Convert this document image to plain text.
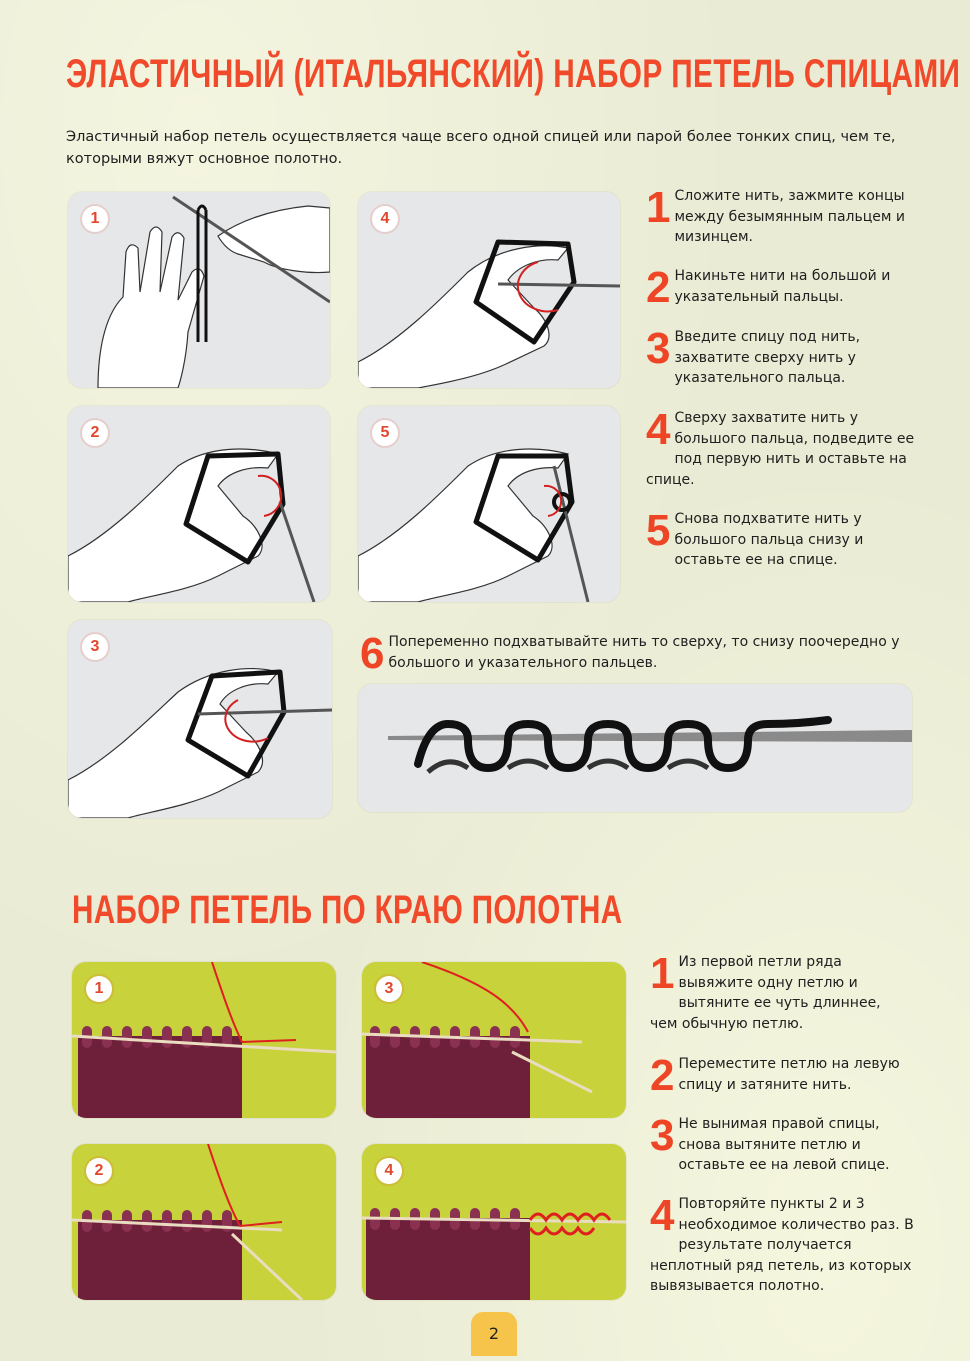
ЭЛАСТИЧНЫЙ (ИТАЛЬЯНСКИЙ) НАБОР ПЕТЕЛЬ СПИЦАМИ

Эластичный набор петель осуществляется чаще всего одной спицей или парой более тонких спиц, чем те, которыми вяжут основное полотно.

1
2
3
4
5
1 Сложите нить, зажмите концы между безымянным пальцем и мизинцем.
2 Накиньте нити на большой и указательный пальцы.
3 Введите спицу под нить, захватите сверху нить у указательного пальца.
4 Сверху захватите нить у большого пальца, подведите ее под первую нить и оставьте на спице.
5 Снова подхватите нить у большого пальца снизу и оставьте ее на спице.
6 Попеременно подхватывайте нить то сверху, то снизу поочередно у большого и указательного пальцев.
НАБОР ПЕТЕЛЬ ПО КРАЮ ПОЛОТНА
1
2
3
4
1 Из первой петли ряда вывяжите одну петлю и вытяните ее чуть длиннее, чем обычную петлю.
2 Переместите петлю на левую спицу и затяните нить.
3 Не вынимая правой спицы, снова вытяните петлю и оставьте ее на левой спице.
4 Повторяйте пункты 2 и 3 необходимое количество раз. В результате получается неплотный ряд петель, из которых вывязывается полотно.
2
